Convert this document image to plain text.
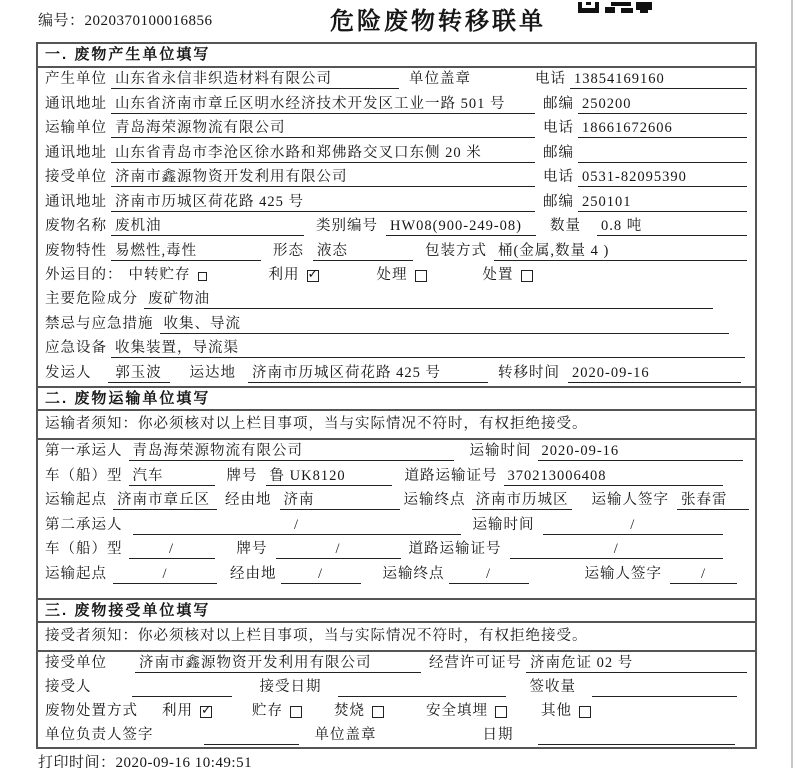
编号：2020370100016856	危险废物转移联单
一. 废物产生单位填写
产生单位 山东省永信非织造材料有限公司	单位盖章	电话 13854169160
通讯地址 山东省济南市章丘区明水经济技术开发区工业一路 501 号	邮编 250200
运输单位 青岛海荣源物流有限公司	电话 18661672606
通讯地址 山东省青岛市李沧区徐水路和郑佛路交叉口东侧 20 米	邮编
接受单位 济南市鑫源物资开发利用有限公司	电话 0531-82095390
通讯地址 济南市历城区荷花路 425 号	邮编 250101
废物名称 废机油	类别编号 HW08(900-249-08)	数量 0.8 吨
废物特性 易燃性,毒性	形态 液态	包装方式 桶(金属,数量 4 )
外运目的： 中转贮存	利用 ✓	处理	处置
主要危险成分 废矿物油
禁忌与应急措施 收集、导流
应急设备 收集装置，导流渠
发运人	郭玉波	运达地 济南市历城区荷花路 425 号	转移时间 2020-09-16
二. 废物运输单位填写
运输者须知：你必须核对以上栏目事项，当与实际情况不符时，有权拒绝接受。
第一承运人 青岛海荣源物流有限公司	运输时间 2020-09-16
车（船）型 汽车	牌号 鲁 UK8120	道路运输证号 370213006408
运输起点 济南市章丘区	经由地 济南	运输终点 济南市历城区 运输人签字 张春雷
第二承运人	/	运输时间	/
车（船）型	/	牌号	/	道路运输证号	/
运输起点	/	经由地	/	运输终点	/	运输人签字	/
三. 废物接受单位填写
接受者须知：你必须核对以上栏目事项，当与实际情况不符时，有权拒绝接受。
接受单位 济南市鑫源物资开发利用有限公司	经营许可证号 济南危证 02 号
接受人	接受日期	签收量
废物处置方式 利用 ✓	贮存	焚烧	安全填埋	其他
单位负责人签字	单位盖章	日期
打印时间：2020-09-16 10:49:51
